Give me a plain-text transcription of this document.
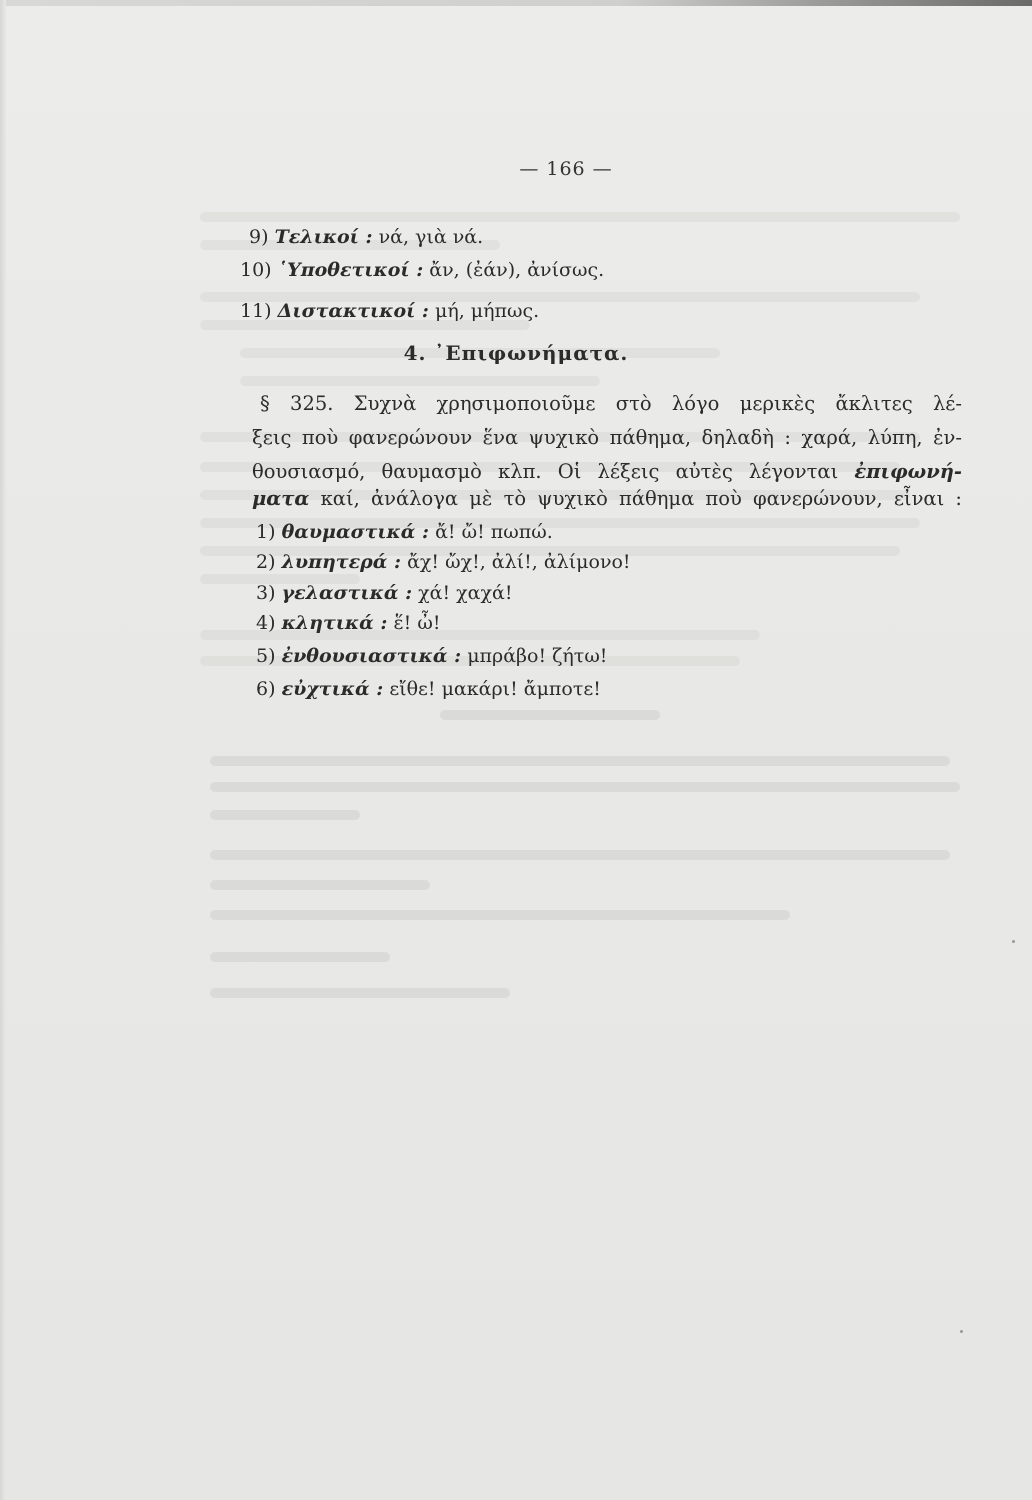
— 166 —
9) Τελικοί : νά, γιὰ νά.
10) ῾Υποθετικοί : ἄν, (ἐάν), ἀνίσως.
11) Διστακτικοί : μή, μήπως.
4. ᾿Επιφωνήματα.
§ 325. Συχνὰ χρησιμοποιοῦμε στὸ λόγο μερικὲς ἄκλιτες λέ-
ξεις ποὺ φανερώνουν ἕνα ψυχικὸ πάθημα, δηλαδὴ : χαρά, λύπη, ἐν-
θουσιασμό, θαυμασμὸ κλπ. Οἱ λέξεις αὐτὲς λέγονται ἐπιφωνή-
ματα καί, ἀνάλογα μὲ τὸ ψυχικὸ πάθημα ποὺ φανερώνουν, εἶναι :
1) θαυμαστικά : ἄ! ὤ! πωπώ.
2) λυπητερά : ἄχ! ὤχ!, ἀλί!, ἀλίμονο!
3) γελαστικά : χά! χαχά!
4) κλητικά : ἕ! ὦ!
5) ἐνθουσιαστικά : μπράβο! ζήτω!
6) εὐχτικά : εἴθε! μακάρι! ἄμποτε!
